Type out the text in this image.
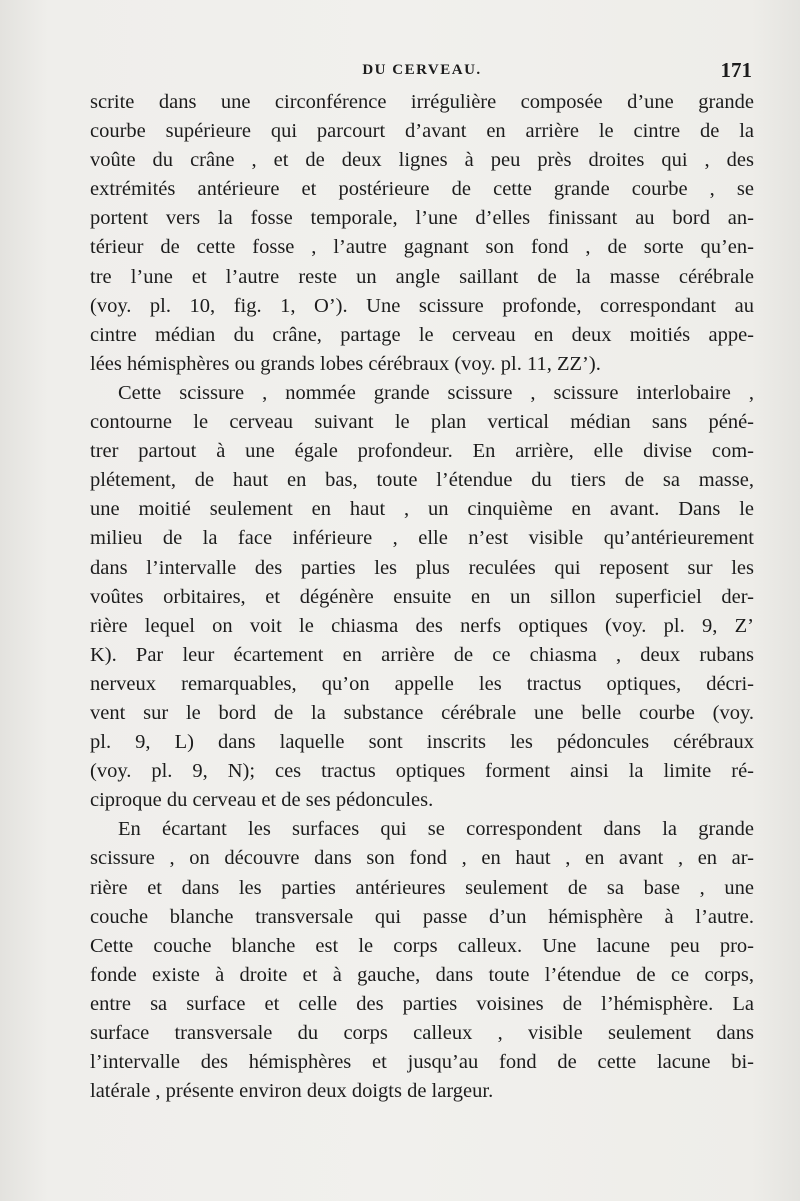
DU CERVEAU.	171
scrite dans une circonférence irrégulière composée d’une grande
courbe supérieure qui parcourt d’avant en arrière le cintre de la
voûte du crâne , et de deux lignes à peu près droites qui , des
extrémités antérieure et postérieure de cette grande courbe , se
portent vers la fosse temporale, l’une d’elles finissant au bord an-
térieur de cette fosse , l’autre gagnant son fond , de sorte qu’en-
tre l’une et l’autre reste un angle saillant de la masse cérébrale
(voy. pl. 10, fig. 1, O’). Une scissure profonde, correspondant au
cintre médian du crâne, partage le cerveau en deux moitiés appe-
lées hémisphères ou grands lobes cérébraux (voy. pl. 11, ZZ’).
Cette scissure , nommée grande scissure , scissure interlobaire ,
contourne le cerveau suivant le plan vertical médian sans péné-
trer partout à une égale profondeur. En arrière, elle divise com-
plétement, de haut en bas, toute l’étendue du tiers de sa masse,
une moitié seulement en haut , un cinquième en avant. Dans le
milieu de la face inférieure , elle n’est visible qu’antérieurement
dans l’intervalle des parties les plus reculées qui reposent sur les
voûtes orbitaires, et dégénère ensuite en un sillon superficiel der-
rière lequel on voit le chiasma des nerfs optiques (voy. pl. 9, Z’
K). Par leur écartement en arrière de ce chiasma , deux rubans
nerveux remarquables, qu’on appelle les tractus optiques, décri-
vent sur le bord de la substance cérébrale une belle courbe (voy.
pl. 9, L) dans laquelle sont inscrits les pédoncules cérébraux
(voy. pl. 9, N); ces tractus optiques forment ainsi la limite ré-
ciproque du cerveau et de ses pédoncules.
En écartant les surfaces qui se correspondent dans la grande
scissure , on découvre dans son fond , en haut , en avant , en ar-
rière et dans les parties antérieures seulement de sa base , une
couche blanche transversale qui passe d’un hémisphère à l’autre.
Cette couche blanche est le corps calleux. Une lacune peu pro-
fonde existe à droite et à gauche, dans toute l’étendue de ce corps,
entre sa surface et celle des parties voisines de l’hémisphère. La
surface transversale du corps calleux , visible seulement dans
l’intervalle des hémisphères et jusqu’au fond de cette lacune bi-
latérale , présente environ deux doigts de largeur.
